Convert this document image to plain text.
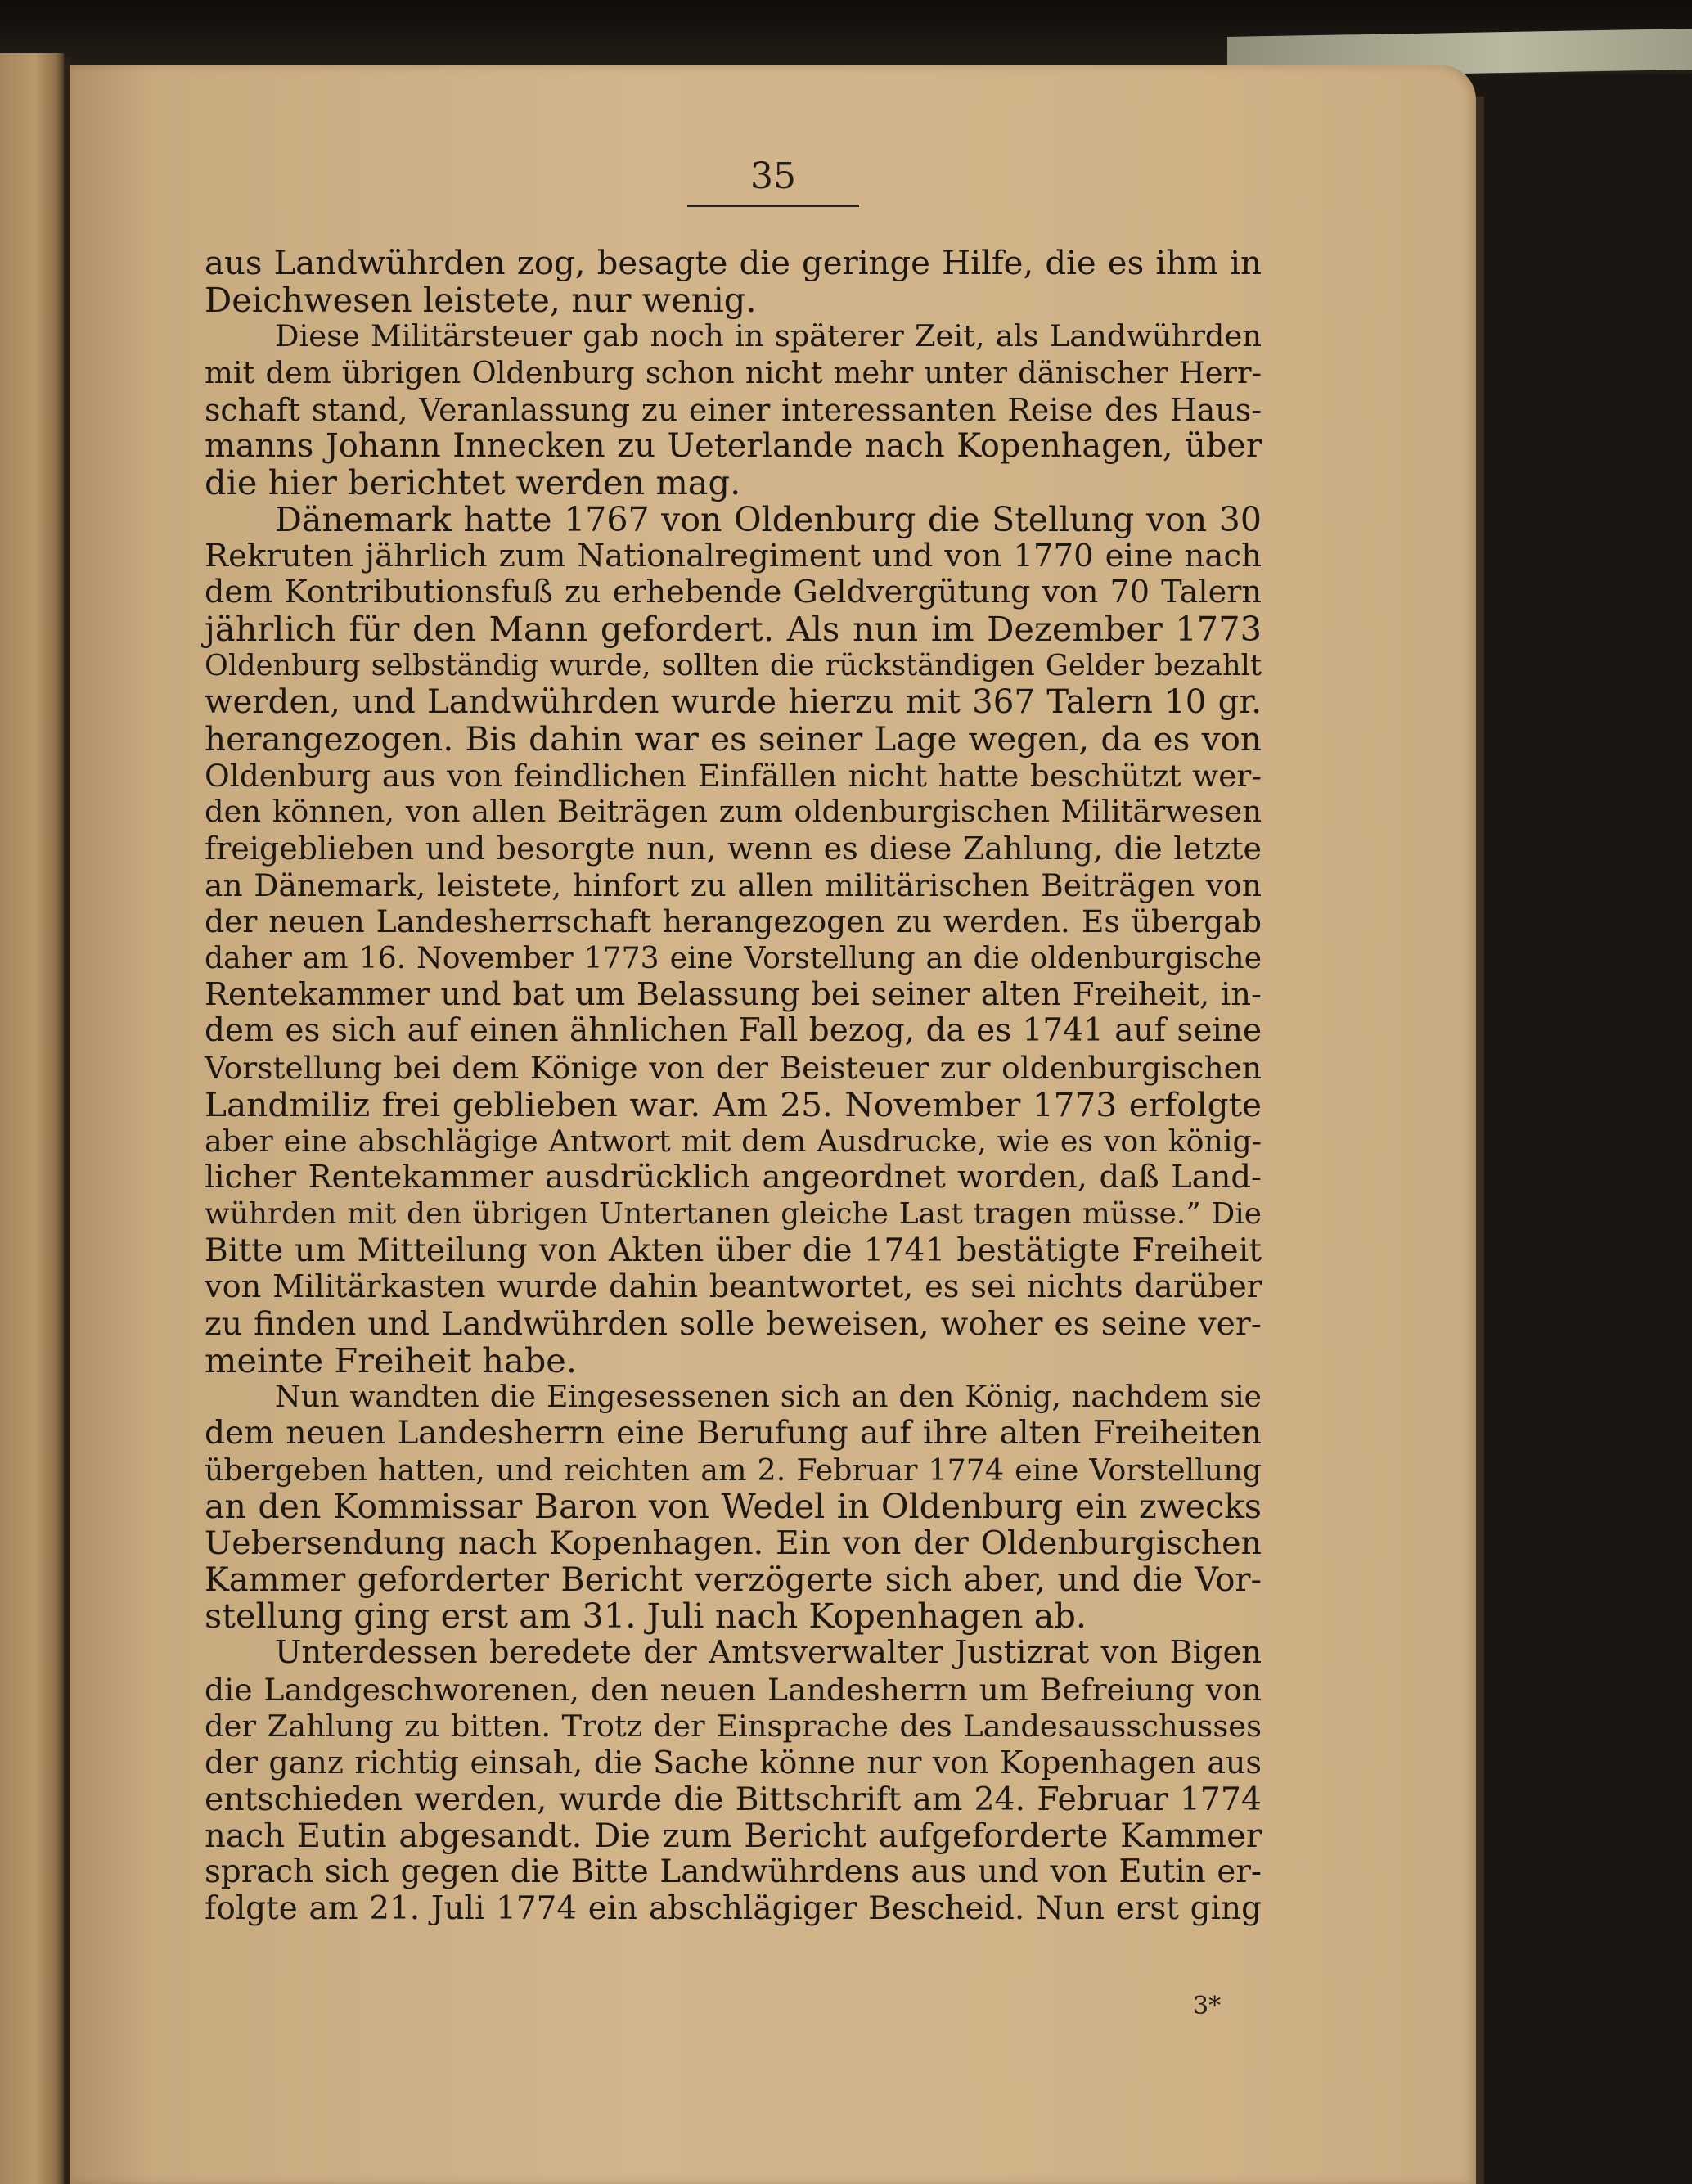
35
aus Landwührden zog, besagte die geringe Hilfe, die es ihm in
Deichwesen leistete, nur wenig.
Diese Militärsteuer gab noch in späterer Zeit, als Landwührden
mit dem übrigen Oldenburg schon nicht mehr unter dänischer Herr-
schaft stand, Veranlassung zu einer interessanten Reise des Haus-
manns Johann Innecken zu Ueterlande nach Kopenhagen, über
die hier berichtet werden mag.
Dänemark hatte 1767 von Oldenburg die Stellung von 30
Rekruten jährlich zum Nationalregiment und von 1770 eine nach
dem Kontributionsfuß zu erhebende Geldvergütung von 70 Talern
jährlich für den Mann gefordert. Als nun im Dezember 1773
Oldenburg selbständig wurde, sollten die rückständigen Gelder bezahlt
werden, und Landwührden wurde hierzu mit 367 Talern 10 gr.
herangezogen. Bis dahin war es seiner Lage wegen, da es von
Oldenburg aus von feindlichen Einfällen nicht hatte beschützt wer-
den können, von allen Beiträgen zum oldenburgischen Militärwesen
freigeblieben und besorgte nun, wenn es diese Zahlung, die letzte
an Dänemark, leistete, hinfort zu allen militärischen Beiträgen von
der neuen Landesherrschaft herangezogen zu werden. Es übergab
daher am 16. November 1773 eine Vorstellung an die oldenburgische
Rentekammer und bat um Belassung bei seiner alten Freiheit, in-
dem es sich auf einen ähnlichen Fall bezog, da es 1741 auf seine
Vorstellung bei dem Könige von der Beisteuer zur oldenburgischen
Landmiliz frei geblieben war. Am 25. November 1773 erfolgte
aber eine abschlägige Antwort mit dem Ausdrucke, wie es von könig-
licher Rentekammer ausdrücklich angeordnet worden, daß Land-
wührden mit den übrigen Untertanen gleiche Last tragen müsse.” Die
Bitte um Mitteilung von Akten über die 1741 bestätigte Freiheit
von Militärkasten wurde dahin beantwortet, es sei nichts darüber
zu finden und Landwührden solle beweisen, woher es seine ver-
meinte Freiheit habe.
Nun wandten die Eingesessenen sich an den König, nachdem sie
dem neuen Landesherrn eine Berufung auf ihre alten Freiheiten
übergeben hatten, und reichten am 2. Februar 1774 eine Vorstellung
an den Kommissar Baron von Wedel in Oldenburg ein zwecks
Uebersendung nach Kopenhagen. Ein von der Oldenburgischen
Kammer geforderter Bericht verzögerte sich aber, und die Vor-
stellung ging erst am 31. Juli nach Kopenhagen ab.
Unterdessen beredete der Amtsverwalter Justizrat von Bigen
die Landgeschworenen, den neuen Landesherrn um Befreiung von
der Zahlung zu bitten. Trotz der Einsprache des Landesausschusses
der ganz richtig einsah, die Sache könne nur von Kopenhagen aus
entschieden werden, wurde die Bittschrift am 24. Februar 1774
nach Eutin abgesandt. Die zum Bericht aufgeforderte Kammer
sprach sich gegen die Bitte Landwührdens aus und von Eutin er-
folgte am 21. Juli 1774 ein abschlägiger Bescheid. Nun erst ging
3*
